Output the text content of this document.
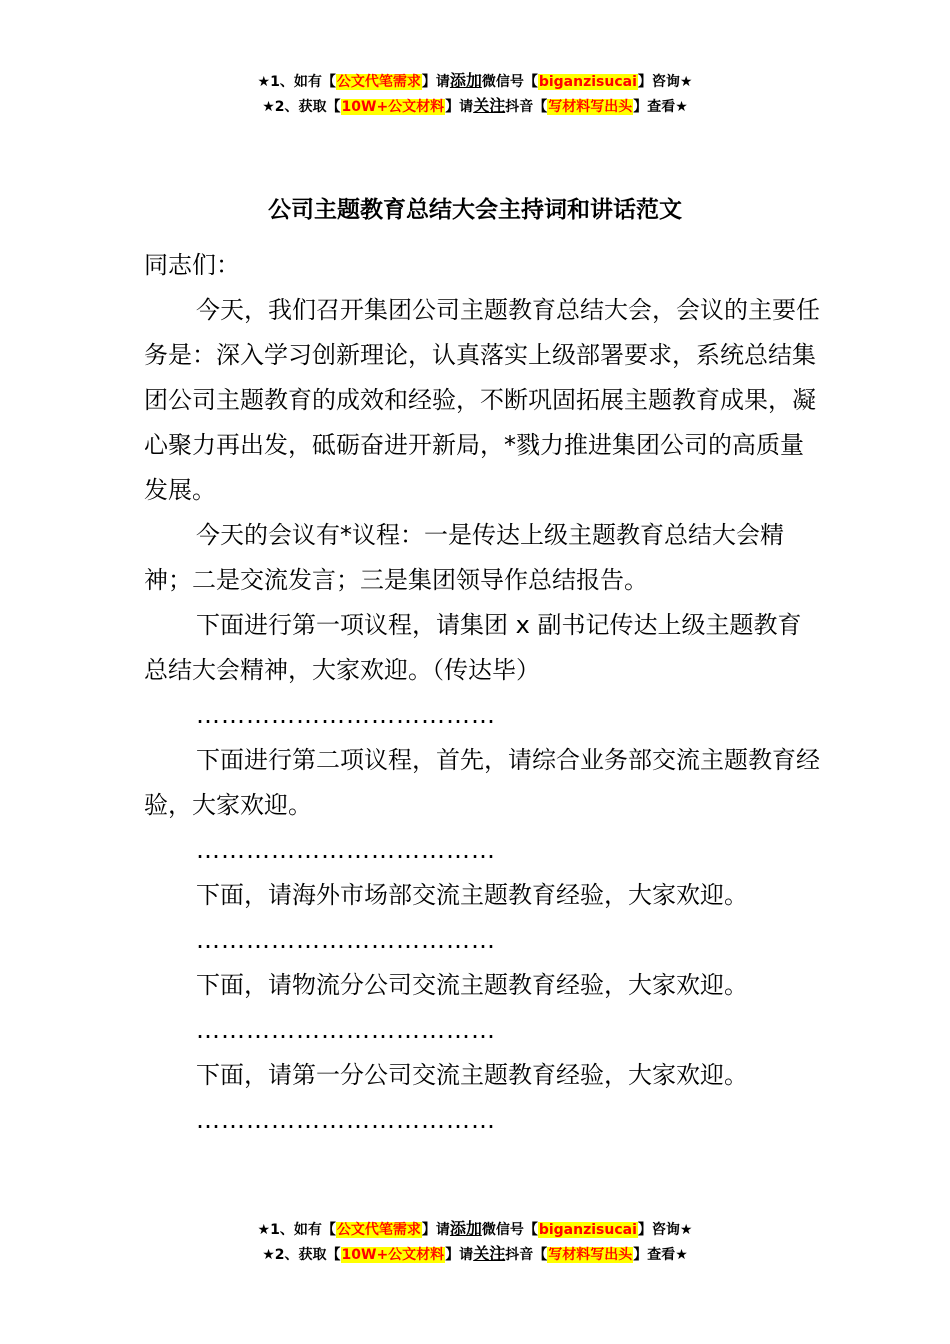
★1、如有【公文代笔需求】请添加微信号【biganzisucai】咨询★
★2、获取【10W+公文材料】请关注抖音【写材料写出头】查看★
公司主题教育总结大会主持词和讲话范文

同志们：

今天，我们召开集团公司主题教育总结大会，会议的主要任务是：深入学习创新理论，认真落实上级部署要求，系统总结集团公司主题教育的成效和经验，不断巩固拓展主题教育成果，凝心聚力再出发，砥砺奋进开新局，*戮力推进集团公司的高质量发展。

今天的会议有*议程：一是传达上级主题教育总结大会精神；二是交流发言；三是集团领导作总结报告。

下面进行第一项议程，请集团 x 副书记传达上级主题教育总结大会精神，大家欢迎。（传达毕）

………………………………

下面进行第二项议程，首先，请综合业务部交流主题教育经验，大家欢迎。

………………………………

下面，请海外市场部交流主题教育经验，大家欢迎。

………………………………

下面，请物流分公司交流主题教育经验，大家欢迎。

………………………………

下面，请第一分公司交流主题教育经验，大家欢迎。

………………………………

★1、如有【公文代笔需求】请添加微信号【biganzisucai】咨询★
★2、获取【10W+公文材料】请关注抖音【写材料写出头】查看★
